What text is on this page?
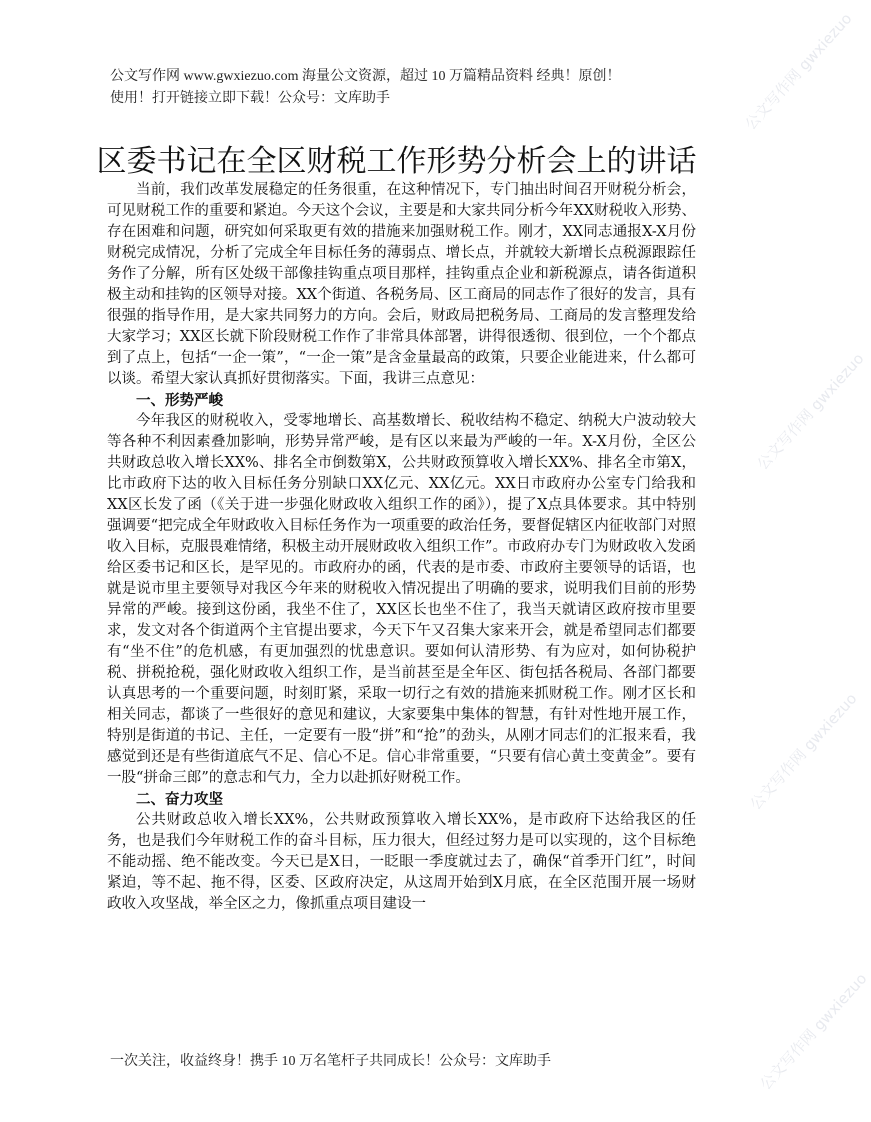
公文写作网 www.gwxiezuo.com 海量公文资源，超过 10 万篇精品资料 经典！原创！
使用！打开链接立即下载！公众号：文库助手
区委书记在全区财税工作形势分析会上的讲话

当前，我们改革发展稳定的任务很重，在这种情况下，专门抽出时间召开财税分析会，可见财税工作的重要和紧迫。今天这个会议，主要是和大家共同分析今年XX财税收入形势、存在困难和问题，研究如何采取更有效的措施来加强财税工作。刚才，XX同志通报X-X月份财税完成情况，分析了完成全年目标任务的薄弱点、增长点，并就较大新增长点税源跟踪任务作了分解，所有区处级干部像挂钩重点项目那样，挂钩重点企业和新税源点，请各街道积极主动和挂钩的区领导对接。XX个街道、各税务局、区工商局的同志作了很好的发言，具有很强的指导作用，是大家共同努力的方向。会后，财政局把税务局、工商局的发言整理发给大家学习；XX区长就下阶段财税工作作了非常具体部署，讲得很透彻、很到位，一个个都点到了点上，包括“一企一策”，“一企一策”是含金量最高的政策，只要企业能进来，什么都可以谈。希望大家认真抓好贯彻落实。下面，我讲三点意见：

一、形势严峻

今年我区的财税收入，受零地增长、高基数增长、税收结构不稳定、纳税大户波动较大等各种不利因素叠加影响，形势异常严峻，是有区以来最为严峻的一年。X-X月份，全区公共财政总收入增长XX%、排名全市倒数第X，公共财政预算收入增长XX%、排名全市第X，比市政府下达的收入目标任务分别缺口XX亿元、XX亿元。XX日市政府办公室专门给我和XX区长发了函（《关于进一步强化财政收入组织工作的函》），提了X点具体要求。其中特别强调要“把完成全年财政收入目标任务作为一项重要的政治任务，要督促辖区内征收部门对照收入目标，克服畏难情绪，积极主动开展财政收入组织工作”。市政府办专门为财政收入发函给区委书记和区长，是罕见的。市政府办的函，代表的是市委、市政府主要领导的话语，也就是说市里主要领导对我区今年来的财税收入情况提出了明确的要求，说明我们目前的形势异常的严峻。接到这份函，我坐不住了，XX区长也坐不住了，我当天就请区政府按市里要求，发文对各个街道两个主官提出要求，今天下午又召集大家来开会，就是希望同志们都要有“坐不住”的危机感，有更加强烈的忧患意识。要如何认清形势、有为应对，如何协税护税、拼税抢税，强化财政收入组织工作，是当前甚至是全年区、街包括各税局、各部门都要认真思考的一个重要问题，时刻盯紧，采取一切行之有效的措施来抓财税工作。刚才区长和相关同志，都谈了一些很好的意见和建议，大家要集中集体的智慧，有针对性地开展工作，特别是街道的书记、主任，一定要有一股“拼”和“抢”的劲头，从刚才同志们的汇报来看，我感觉到还是有些街道底气不足、信心不足。信心非常重要，“只要有信心黄土变黄金”。要有一股“拼命三郎”的意志和气力，全力以赴抓好财税工作。

二、奋力攻坚

公共财政总收入增长XX%，公共财政预算收入增长XX%，是市政府下达给我区的任务，也是我们今年财税工作的奋斗目标，压力很大，但经过努力是可以实现的，这个目标绝不能动摇、绝不能改变。今天已是X日，一眨眼一季度就过去了，确保“首季开门红”，时间紧迫，等不起、拖不得，区委、区政府决定，从这周开始到X月底，在全区范围开展一场财政收入攻坚战，举全区之力，像抓重点项目建设一

一次关注，收益终身！携手 10 万名笔杆子共同成长！公众号：文库助手
公文写作网 gwxiezuo
公文写作网 gwxiezuo
公文写作网 gwxiezuo
公文写作网 gwxiezuo
